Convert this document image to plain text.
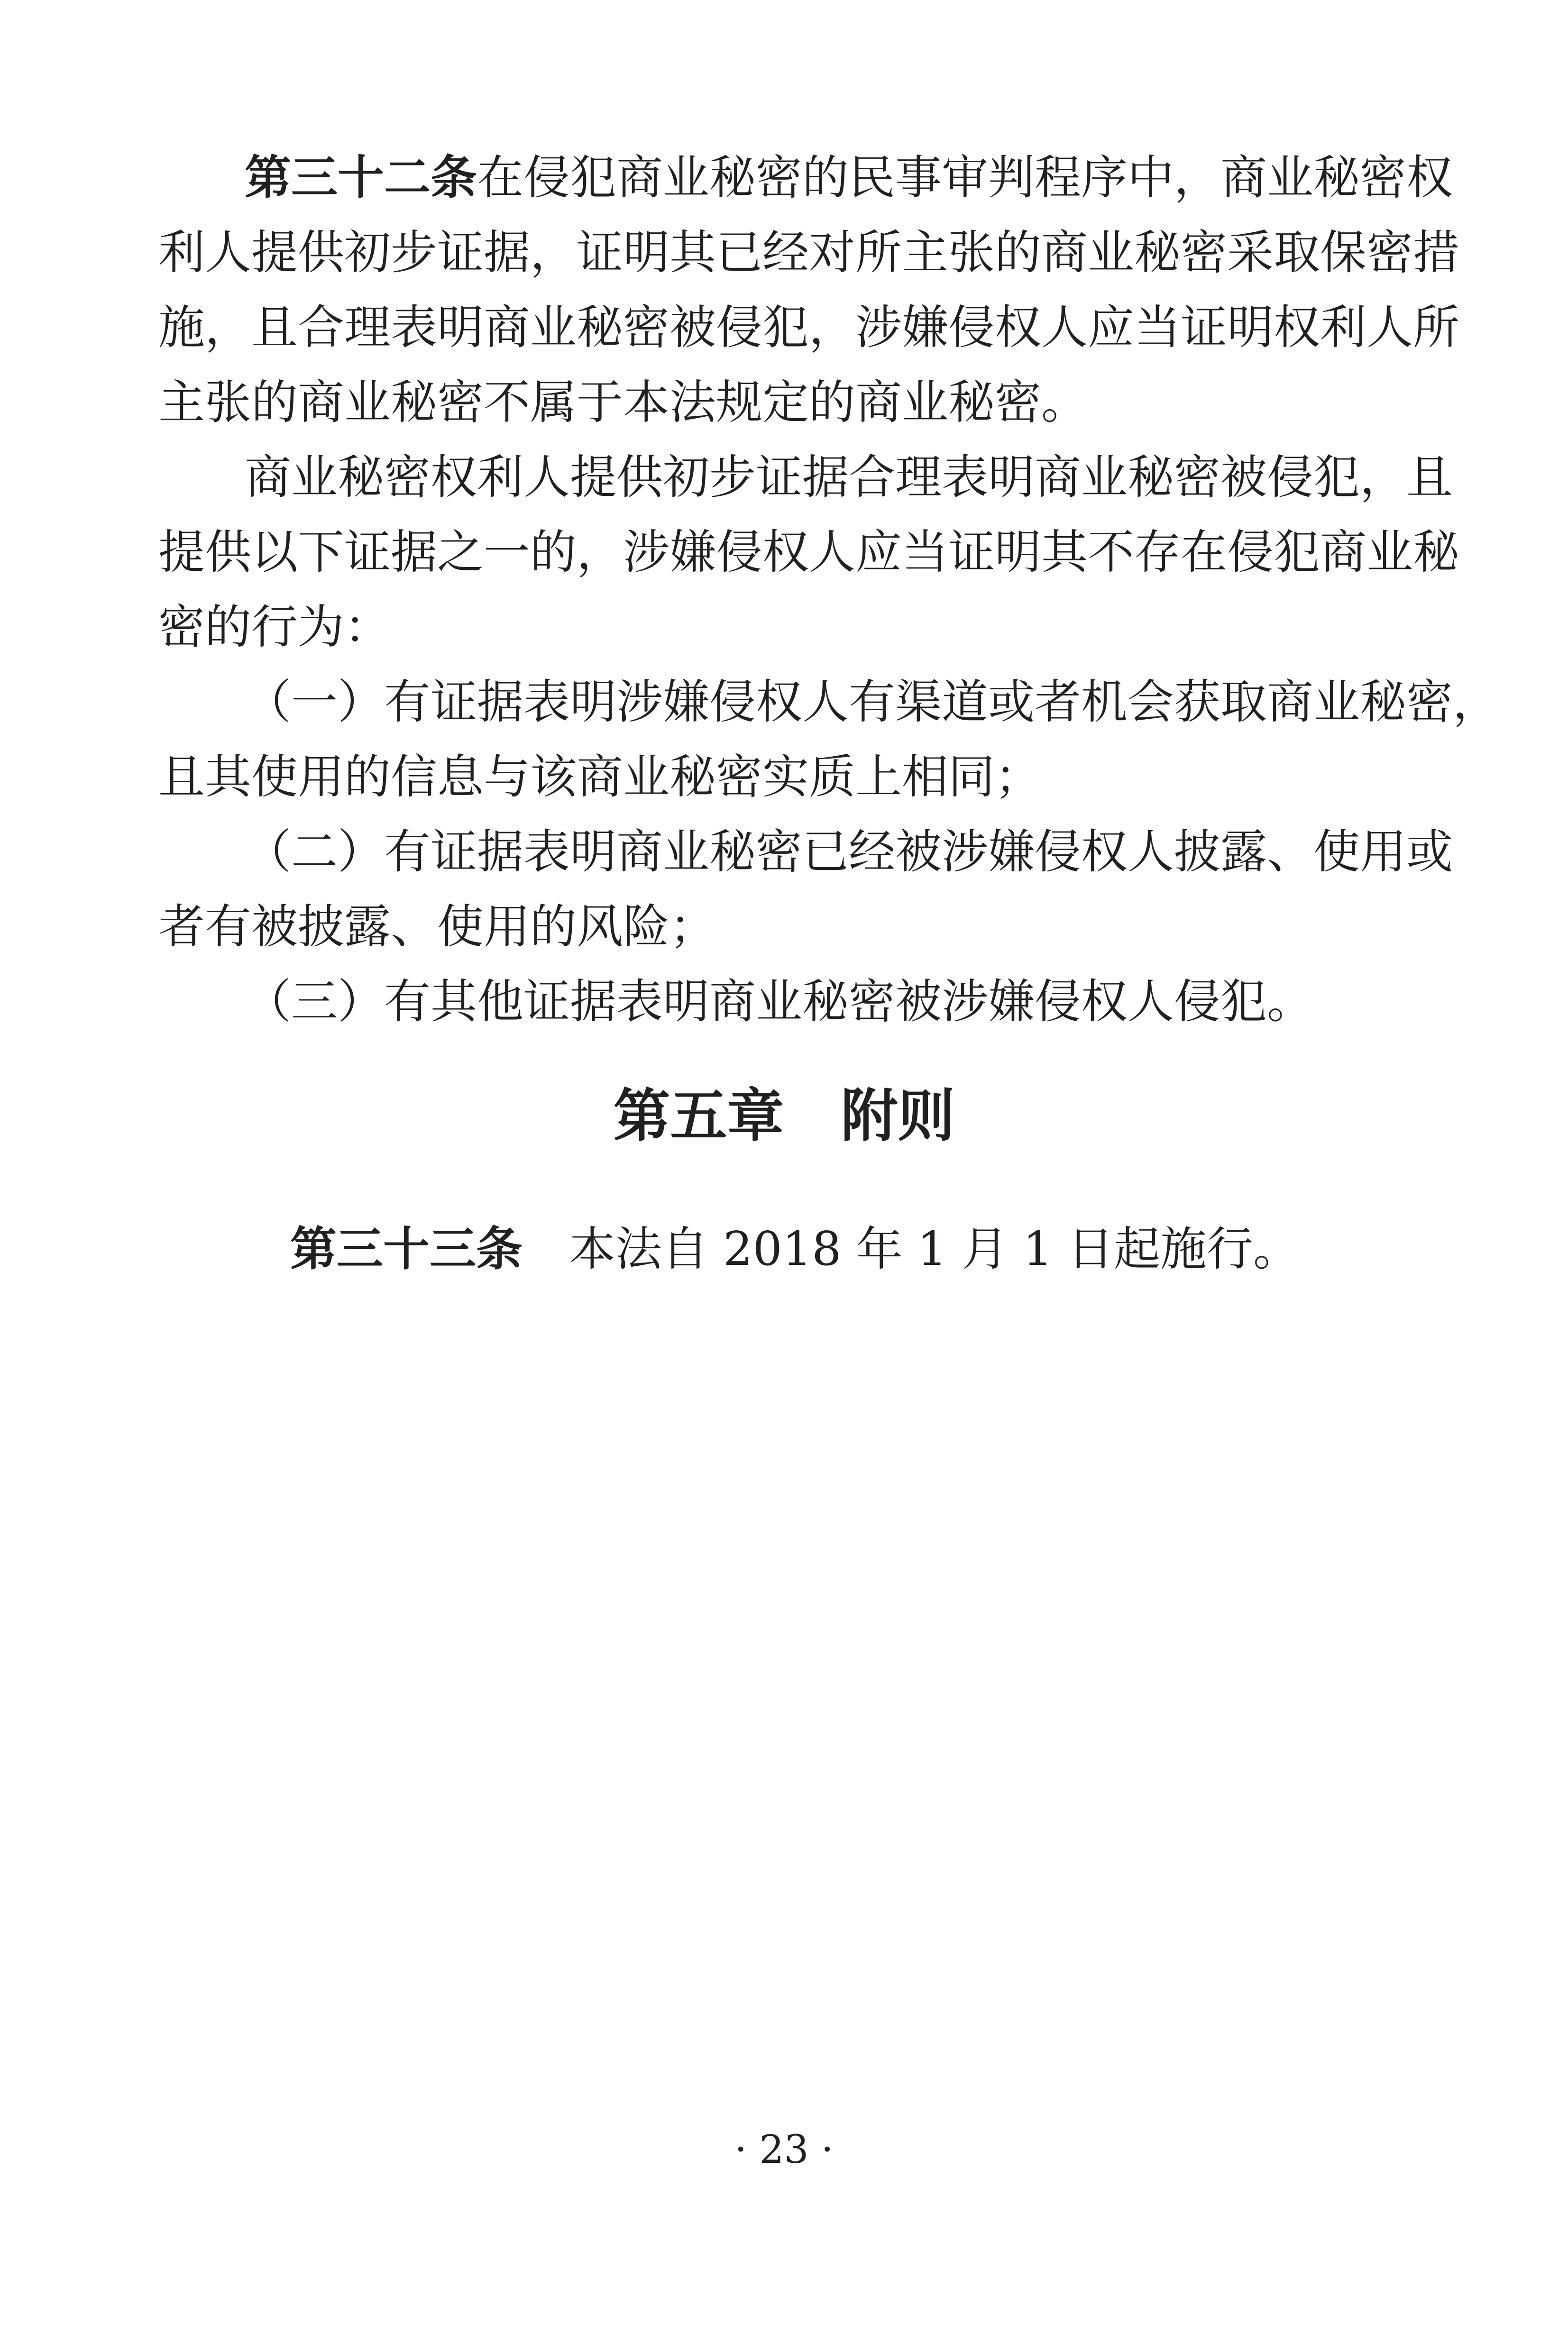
第三十二条在侵犯商业秘密的民事审判程序中，商业秘密权
利人提供初步证据，证明其已经对所主张的商业秘密采取保密措
施，且合理表明商业秘密被侵犯，涉嫌侵权人应当证明权利人所
主张的商业秘密不属于本法规定的商业秘密。
商业秘密权利人提供初步证据合理表明商业秘密被侵犯，且
提供以下证据之一的，涉嫌侵权人应当证明其不存在侵犯商业秘
密的行为：
（一）有证据表明涉嫌侵权人有渠道或者机会获取商业秘密，
且其使用的信息与该商业秘密实质上相同；
（二）有证据表明商业秘密已经被涉嫌侵权人披露、使用或
者有被披露、使用的风险；
（三）有其他证据表明商业秘密被涉嫌侵权人侵犯。
第五章　附则
第三十三条　本法自 2018 年 1 月 1 日起施行。
· 23 ·
